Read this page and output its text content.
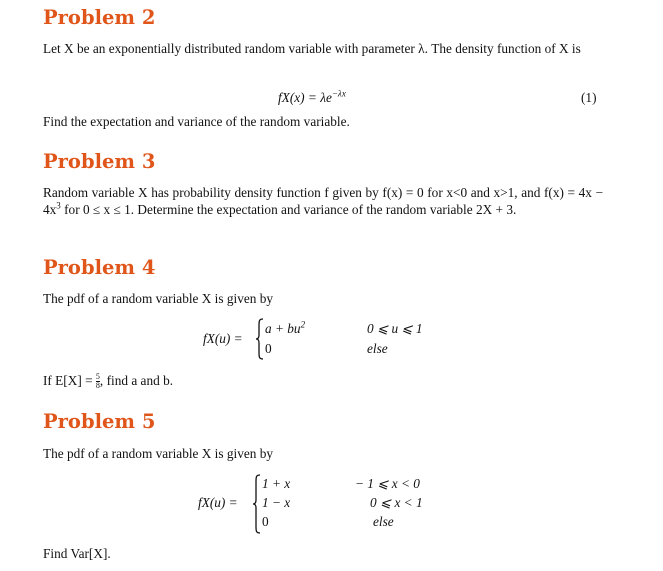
Problem 2
Let X be an exponentially distributed random variable with parameter λ. The density function of X is
$fX(x) = \lambda e^{-\lambda x}$	(1)
Find the expectation and variance of the random variable.
Problem 3
Random variable X has probability density function f given by f(x) = 0 for x<0 and x>1, and $f(x) = 4x - 4x^3$ for 0 ≤ x ≤ 1. Determine the expectation and variance of the random variable 2X + 3.
Problem 4
The pdf of a random variable X is given by
fX(u) =
$a + bu^2$	0 ⩽ u ⩽ 1
0	else
If $E[X] = \frac{5}{8}$ , find a and b.
Problem 5
The pdf of a random variable X is given by
fX(u) =
1 + x	− 1 ⩽ x < 0
1 − x	0 ⩽ x < 1
0	else
Find Var[X].
